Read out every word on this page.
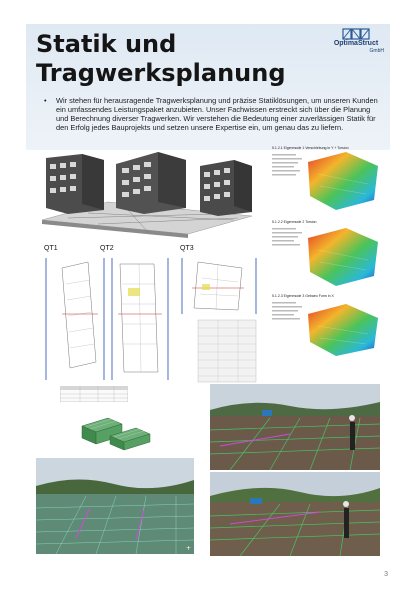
Statik und Tragwerksplanung
OptimaStruct
GmbH
• Wir stehen für herausragende Tragwerksplanung und präzise Statiklösungen, um unseren Kunden ein umfassendes Leistungspaket anzubieten. Unser Fachwissen erstreckt sich über die Planung und Berechnung diverser Tragwerken. Wir verstehen die Bedeutung einer zuverlässigen Statik für den Erfolg jedes Bauprojekts und setzen unsere Expertise ein, um genau das zu liefern.
QT1	QT2	QT3
5.1.2.1 Eigenmode 1 Verschiebung in Y + Torsion
5.1.2.2 Eigenmode 2 Torsion
5.1.2.3 Eigenmode 3 Gebaeu Form in X
+
3
